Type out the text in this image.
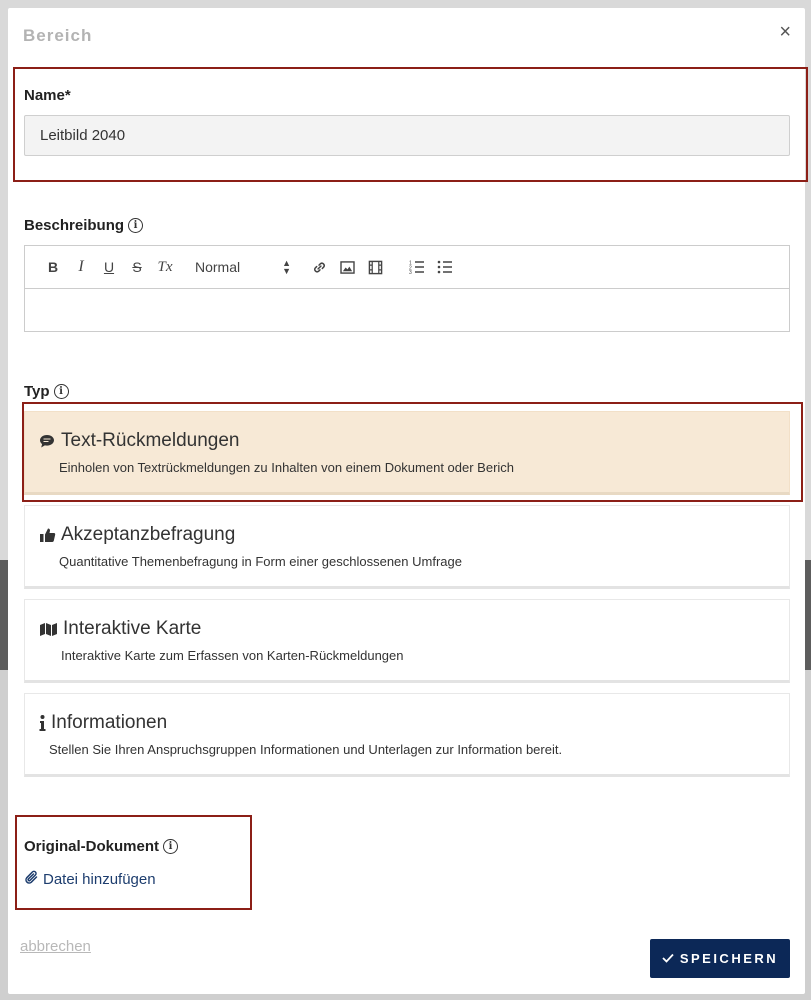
Bereich	×
Name*
Leitbild 2040
Beschreibung i
B	I	U	S	Tx	Normal	▲
▼
1
2
3
Typ i
Text-Rückmeldungen
Einholen von Textrückmeldungen zu Inhalten von einem Dokument oder Berich
Akzeptanzbefragung
Quantitative Themenbefragung in Form einer geschlossenen Umfrage
Interaktive Karte
Interaktive Karte zum Erfassen von Karten-Rückmeldungen
Informationen
Stellen Sie Ihren Anspruchsgruppen Informationen und Unterlagen zur Information bereit.
Original-Dokument i
Datei hinzufügen
abbrechen
SPEICHERN
